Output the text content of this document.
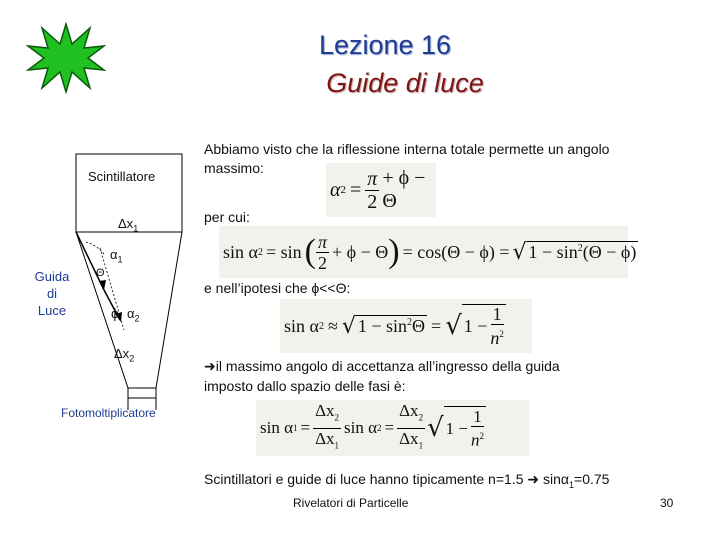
Lezione 16
Guide di luce
Scintillatore
$\Delta x_1$
$\alpha_1$
Θ
Guida
di
Luce	ϕ $\alpha_2$
$\Delta x_2$
Fotomoltiplicatore
Abbiamo visto che la riflessione interna totale permette un angolo
massimo:
α $2 = \frac{\pi}{2} + \phi - \Theta$
per cui:
sin α 2 = sin ( π
2
+ ϕ − Θ ) = cos(Θ − ϕ) = √ $1 - \sin^2(\Theta - \phi)$
e nell’ipotesi che ϕ<<Θ:
sin α 2 ≈ √ $1 - \sin^2\Theta$ = √ $1 - \frac{1}{n^2}$
➜il massimo angolo di accettanza all’ingresso della guida
imposto dallo spazio delle fasi è:
sin α $1 = \frac{\Delta x_2}{\Delta x_1}$ sin α $2 = \frac{\Delta x_2}{\Delta x_1}$ √ $1 - \frac{1}{n^2}$
Scintillatori e guide di luce hanno tipicamente n=1.5 ➜ sinα$_1$=0.75
Rivelatori di Particelle	30
